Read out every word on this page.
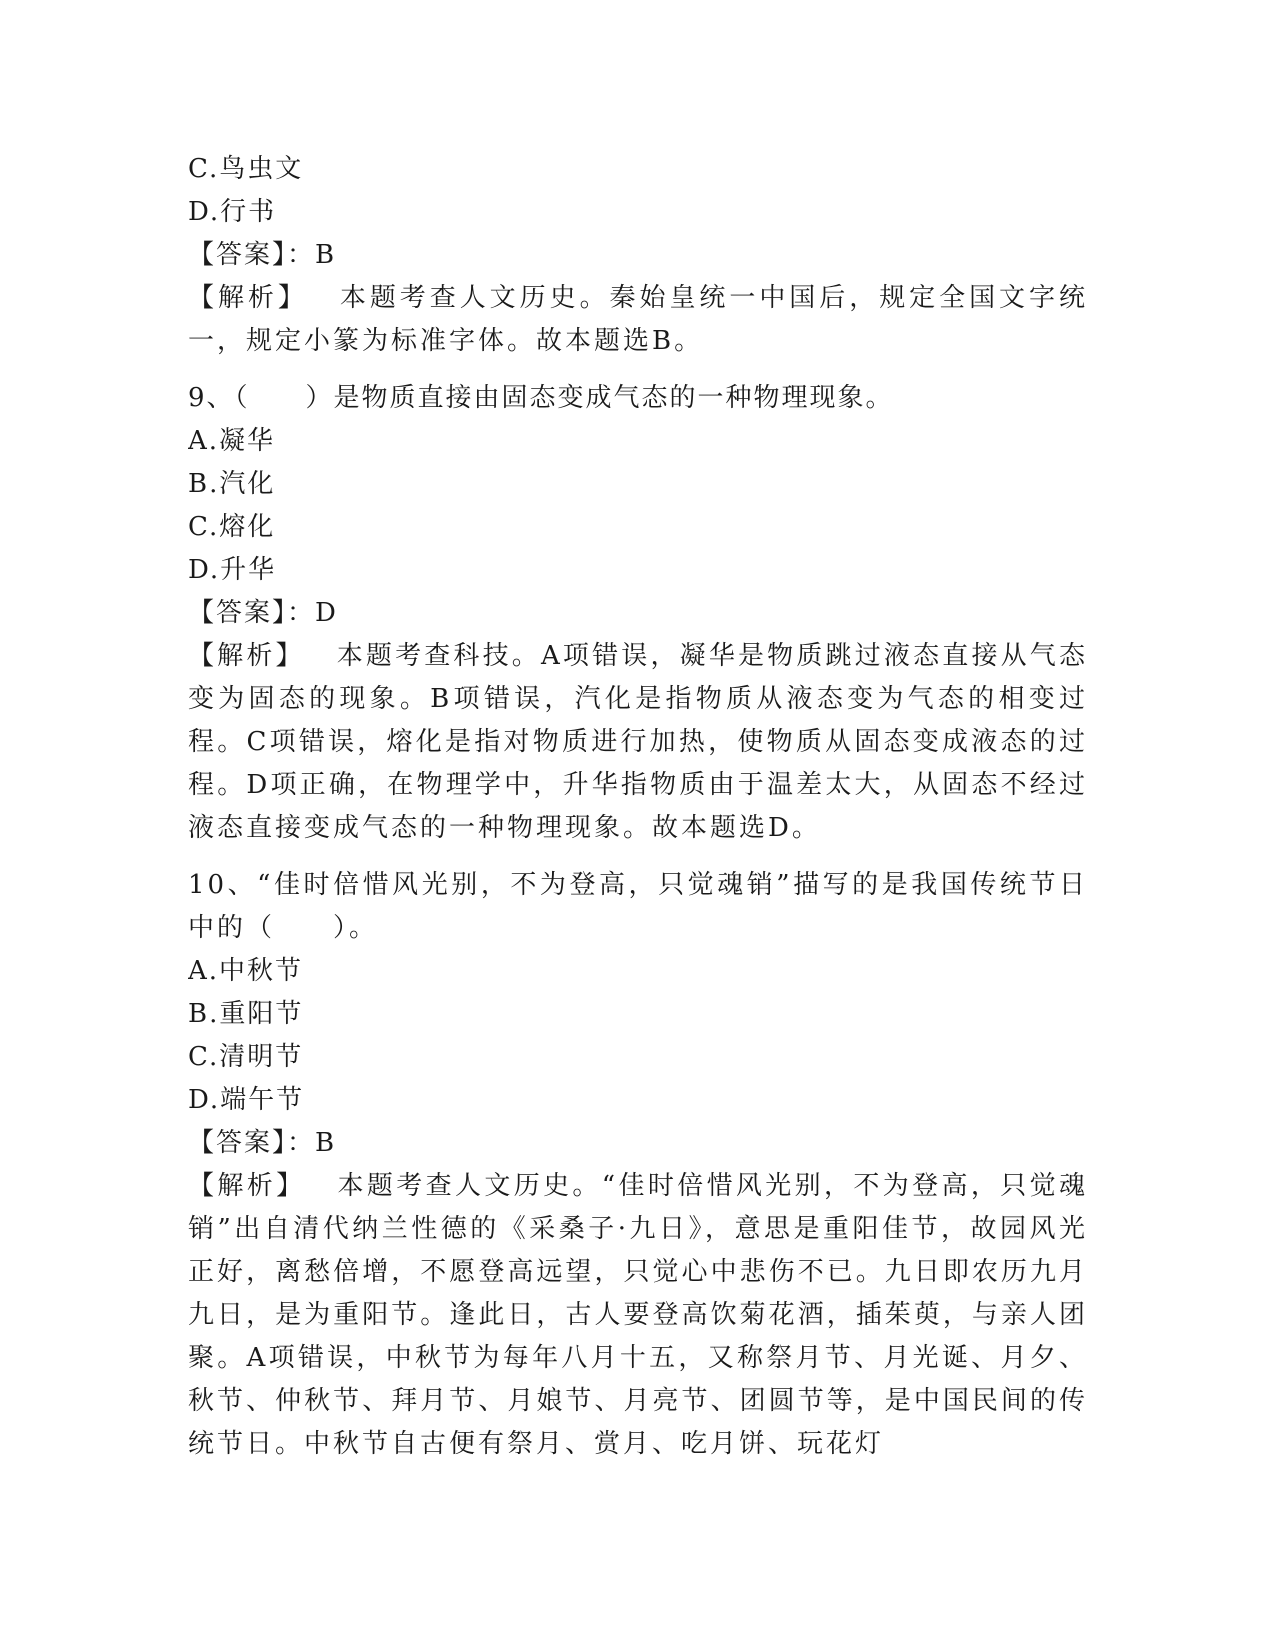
C.鸟虫文
D.行书
【答案】：B
【解析】 本题考查人文历史。秦始皇统一中国后，规定全国文字统一，规定小篆为标准字体。故本题选B。
9、（　　）是物质直接由固态变成气态的一种物理现象。
A.凝华
B.汽化
C.熔化
D.升华
【答案】：D
【解析】 本题考查科技。A项错误，凝华是物质跳过液态直接从气态变为固态的现象。B项错误，汽化是指物质从液态变为气态的相变过程。C项错误，熔化是指对物质进行加热，使物质从固态变成液态的过程。D项正确，在物理学中，升华指物质由于温差太大，从固态不经过液态直接变成气态的一种物理现象。故本题选D。
10、“佳时倍惜风光别，不为登高，只觉魂销”描写的是我国传统节日中的（　　）。
A.中秋节
B.重阳节
C.清明节
D.端午节
【答案】：B
【解析】 本题考查人文历史。“佳时倍惜风光别，不为登高，只觉魂销”出自清代纳兰性德的《采桑子·九日》，意思是重阳佳节，故园风光正好，离愁倍增，不愿登高远望，只觉心中悲伤不已。九日即农历九月九日，是为重阳节。逢此日，古人要登高饮菊花酒，插茱萸，与亲人团聚。A项错误，中秋节为每年八月十五，又称祭月节、月光诞、月夕、秋节、仲秋节、拜月节、月娘节、月亮节、团圆节等，是中国民间的传统节日。中秋节自古便有祭月、赏月、吃月饼、玩花灯
